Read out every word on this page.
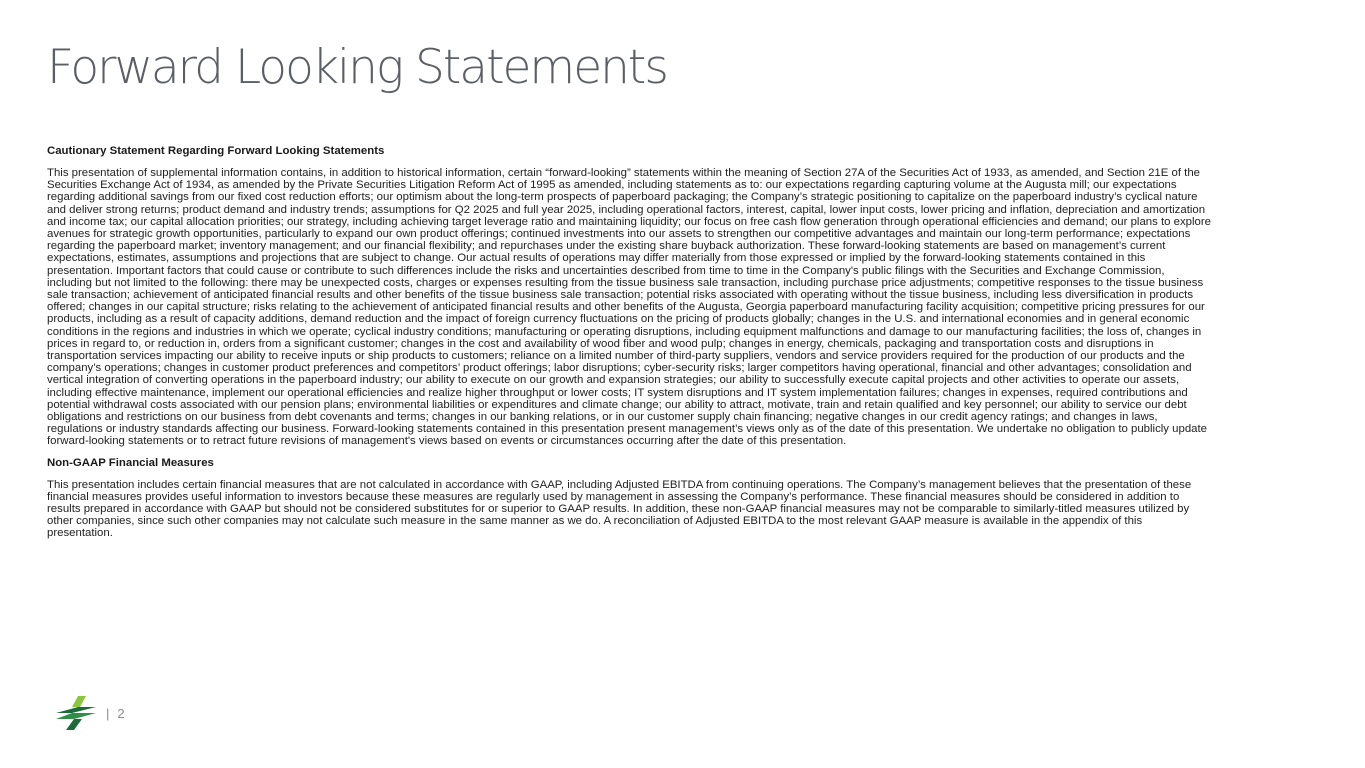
Forward Looking Statements
Cautionary Statement Regarding Forward Looking Statements

This presentation of supplemental information contains, in addition to historical information, certain “forward-looking” statements within the meaning of Section 27A of the Securities Act of 1933, as amended, and Section 21E of the Securities Exchange Act of 1934, as amended by the Private Securities Litigation Reform Act of 1995 as amended, including statements as to: our expectations regarding capturing volume at the Augusta mill; our expectations regarding additional savings from our fixed cost reduction efforts; our optimism about the long-term prospects of paperboard packaging; the Company’s strategic positioning to capitalize on the paperboard industry’s cyclical nature and deliver strong returns; product demand and industry trends; assumptions for Q2 2025 and full year 2025, including operational factors, interest, capital, lower input costs, lower pricing and inflation, depreciation and amortization and income tax; our capital allocation priorities; our strategy, including achieving target leverage ratio and maintaining liquidity; our focus on free cash flow generation through operational efficiencies and demand; our plans to explore avenues for strategic growth opportunities, particularly to expand our own product offerings; continued investments into our assets to strengthen our competitive advantages and maintain our long-term performance; expectations regarding the paperboard market; inventory management; and our financial flexibility; and repurchases under the existing share buyback authorization. These forward-looking statements are based on management’s current expectations, estimates, assumptions and projections that are subject to change. Our actual results of operations may differ materially from those expressed or implied by the forward-looking statements contained in this presentation. Important factors that could cause or contribute to such differences include the risks and uncertainties described from time to time in the Company's public filings with the Securities and Exchange Commission, including but not limited to the following: there may be unexpected costs, charges or expenses resulting from the tissue business sale transaction, including purchase price adjustments; competitive responses to the tissue business sale transaction; achievement of anticipated financial results and other benefits of the tissue business sale transaction; potential risks associated with operating without the tissue business, including less diversification in products offered; changes in our capital structure; risks relating to the achievement of anticipated financial results and other benefits of the Augusta, Georgia paperboard manufacturing facility acquisition; competitive pricing pressures for our products, including as a result of capacity additions, demand reduction and the impact of foreign currency fluctuations on the pricing of products globally; changes in the U.S. and international economies and in general economic conditions in the regions and industries in which we operate; cyclical industry conditions; manufacturing or operating disruptions, including equipment malfunctions and damage to our manufacturing facilities; the loss of, changes in prices in regard to, or reduction in, orders from a significant customer; changes in the cost and availability of wood fiber and wood pulp; changes in energy, chemicals, packaging and transportation costs and disruptions in transportation services impacting our ability to receive inputs or ship products to customers; reliance on a limited number of third-party suppliers, vendors and service providers required for the production of our products and the company’s operations; changes in customer product preferences and competitors’ product offerings; labor disruptions; cyber-security risks; larger competitors having operational, financial and other advantages; consolidation and vertical integration of converting operations in the paperboard industry; our ability to execute on our growth and expansion strategies; our ability to successfully execute capital projects and other activities to operate our assets, including effective maintenance, implement our operational efficiencies and realize higher throughput or lower costs; IT system disruptions and IT system implementation failures; changes in expenses, required contributions and potential withdrawal costs associated with our pension plans; environmental liabilities or expenditures and climate change; our ability to attract, motivate, train and retain qualified and key personnel; our ability to service our debt obligations and restrictions on our business from debt covenants and terms; changes in our banking relations, or in our customer supply chain financing; negative changes in our credit agency ratings; and changes in laws, regulations or industry standards affecting our business. Forward-looking statements contained in this presentation present management’s views only as of the date of this presentation. We undertake no obligation to publicly update forward-looking statements or to retract future revisions of management's views based on events or circumstances occurring after the date of this presentation.

Non-GAAP Financial Measures

This presentation includes certain financial measures that are not calculated in accordance with GAAP, including Adjusted EBITDA from continuing operations. The Company’s management believes that the presentation of these financial measures provides useful information to investors because these measures are regularly used by management in assessing the Company’s performance. These financial measures should be considered in addition to results prepared in accordance with GAAP but should not be considered substitutes for or superior to GAAP results. In addition, these non-GAAP financial measures may not be comparable to similarly-titled measures utilized by other companies, since such other companies may not calculate such measure in the same manner as we do. A reconciliation of Adjusted EBITDA to the most relevant GAAP measure is available in the appendix of this presentation.

| 2
